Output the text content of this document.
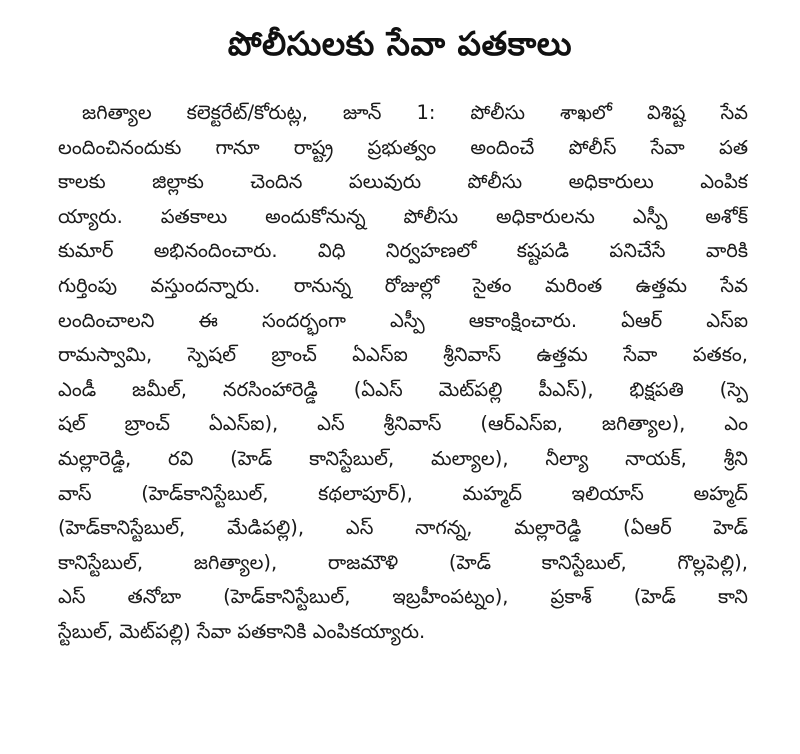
పోలీసులకు సేవా పతకాలు
జగిత్యాల కలెక్టరేట్/కోరుట్ల, జూన్ 1: పోలీసు శాఖలో విశిష్ట సేవ
లందించినందుకు గానూ రాష్ట్ర ప్రభుత్వం అందించే పోలీస్ సేవా పత
కాలకు జిల్లాకు చెందిన పలువురు పోలీసు అధికారులు ఎంపిక
య్యారు. పతకాలు అందుకోనున్న పోలీసు అధికారులను ఎస్పీ అశోక్
కుమార్ అభినందించారు. విధి నిర్వహణలో కష్టపడి పనిచేసే వారికి
గుర్తింపు వస్తుందన్నారు. రానున్న రోజుల్లో సైతం మరింత ఉత్తమ సేవ
లందించాలని ఈ సందర్భంగా ఎస్పీ ఆకాంక్షించారు. ఏఆర్ ఎస్ఐ
రామస్వామి, స్పెషల్ బ్రాంచ్ ఏఎస్ఐ శ్రీనివాస్ ఉత్తమ సేవా పతకం,
ఎండీ జమీల్, నరసింహారెడ్డి (ఏఎస్ మెట్‌పల్లి పీఎస్), భిక్షపతి (స్పె
షల్ బ్రాంచ్ ఏఎస్ఐ), ఎస్ శ్రీనివాస్ (ఆర్ఎస్ఐ, జగిత్యాల), ఎం
మల్లారెడ్డి, రవి (హెడ్ కానిస్టేబుల్, మల్యాల), నీల్యా నాయక్, శ్రీని
వాస్ (హెడ్‌కానిస్టేబుల్, కథలాపూర్), మహ్మద్ ఇలియాస్ అహ్మద్
(హెడ్‌కానిస్టేబుల్, మేడిపల్లి), ఎస్ నాగన్న, మల్లారెడ్డి (ఏఆర్ హెడ్
కానిస్టేబుల్, జగిత్యాల), రాజమౌళి (హెడ్ కానిస్టేబుల్, గొల్లపెల్లి),
ఎస్ తనోబా (హెడ్‌కానిస్టేబుల్, ఇబ్రహీంపట్నం), ప్రకాశ్ (హెడ్ కాని
స్టేబుల్, మెట్‌పల్లి) సేవా పతకానికి ఎంపికయ్యారు.
